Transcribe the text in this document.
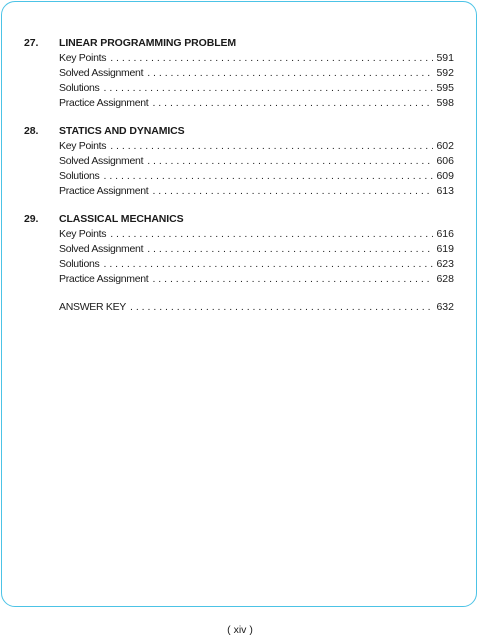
27.	LINEAR PROGRAMMING PROBLEM
Key Points . . .	591
Solved Assignment . . .	592
Solutions . . .	595
Practice Assignment . . .	598
28.	STATICS AND DYNAMICS
Key Points . . .	602
Solved Assignment . . .	606
Solutions . . .	609
Practice Assignment . . .	613
29.	CLASSICAL MECHANICS
Key Points . . .	616
Solved Assignment . . .	619
Solutions . . .	623
Practice Assignment . . .	628
ANSWER KEY . . .	632
( xiv )
